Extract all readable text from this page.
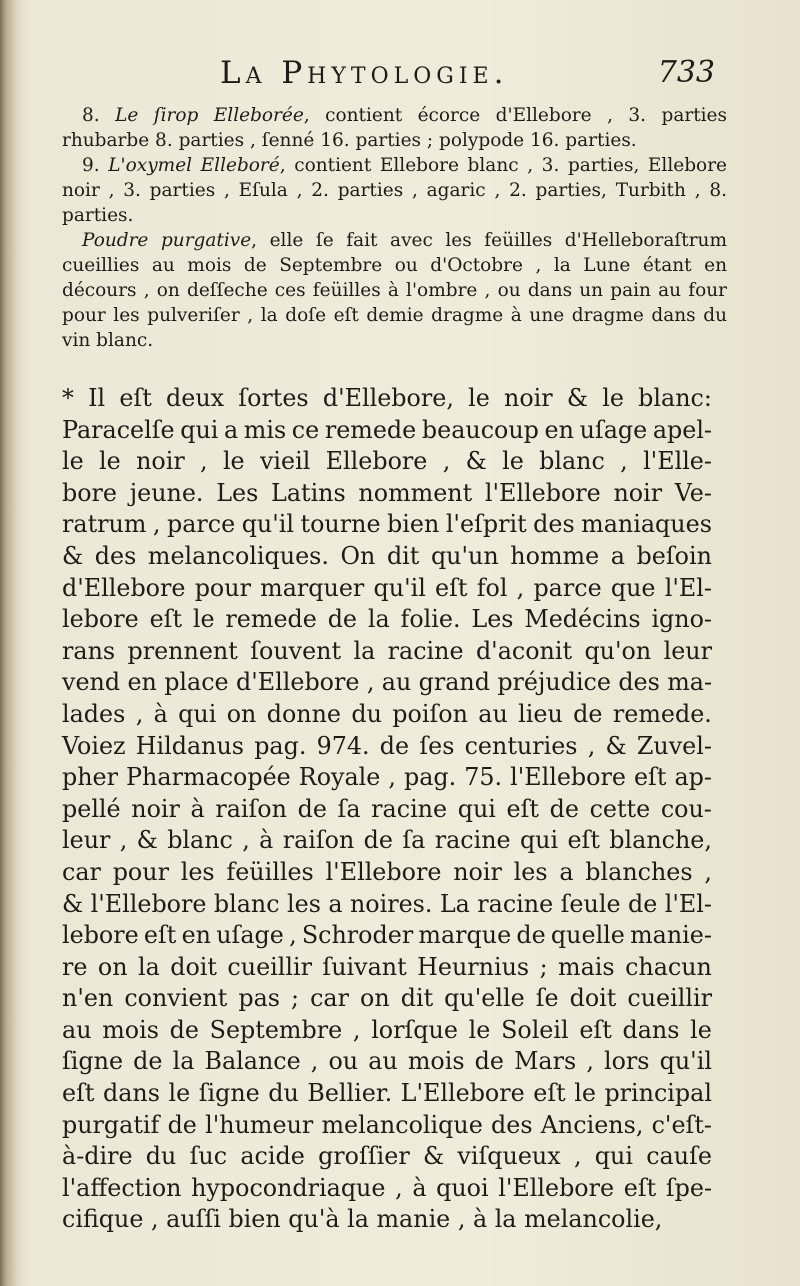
La Phytologie.	733

8. Le ſirop Elleborée, contient écorce d'Ellebore , 3. parties rhubarbe 8. parties , ſenné 16. parties ; polypode 16. parties.

9. L'oxymel Elleboré, contient Ellebore blanc , 3. parties, Ellebore noir , 3. parties , Eſula , 2. parties , agaric , 2. parties, Turbith , 8. parties.

Poudre purgative, elle ſe fait avec les feüilles d'Helleboraſtrum cueillies au mois de Septembre ou d'Octobre , la Lune étant en décours , on deſſeche ces feüilles à l'ombre , ou dans un pain au four pour les pulveriſer , la doſe eſt demie dragme à une dragme dans du vin blanc.

* Il eſt deux ſortes d'Ellebore, le noir & le blanc:
Paracelſe qui a mis ce remede beaucoup en uſage apel-
le le noir , le vieil Ellebore , & le blanc , l'Elle-
bore jeune. Les Latins nomment l'Ellebore noir Ve-
ratrum , parce qu'il tourne bien l'eſprit des maniaques
& des melancoliques. On dit qu'un homme a beſoin
d'Ellebore pour marquer qu'il eſt fol , parce que l'El-
lebore eſt le remede de la folie. Les Medécins igno-
rans prennent ſouvent la racine d'aconit qu'on leur
vend en place d'Ellebore , au grand préjudice des ma-
lades , à qui on donne du poiſon au lieu de remede.
Voiez Hildanus pag. 974. de ſes centuries , & Zuvel-
pher Pharmacopée Royale , pag. 75. l'Ellebore eſt ap-
pellé noir à raiſon de ſa racine qui eſt de cette cou-
leur , & blanc , à raiſon de ſa racine qui eſt blanche,
car pour les feüilles l'Ellebore noir les a blanches ,
& l'Ellebore blanc les a noires. La racine ſeule de l'El-
lebore eſt en uſage , Schroder marque de quelle manie-
re on la doit cueillir ſuivant Heurnius ; mais chacun
n'en convient pas ; car on dit qu'elle ſe doit cueillir
au mois de Septembre , lorſque le Soleil eſt dans le
ſigne de la Balance , ou au mois de Mars , lors qu'il
eſt dans le ſigne du Bellier. L'Ellebore eſt le principal
purgatif de l'humeur melancolique des Anciens, c'eſt-
à-dire du ſuc acide groſſier & viſqueux , qui cauſe
l'affection hypocondriaque , à quoi l'Ellebore eſt ſpe-
cifique , auſſi bien qu'à la manie , à la melancolie,
